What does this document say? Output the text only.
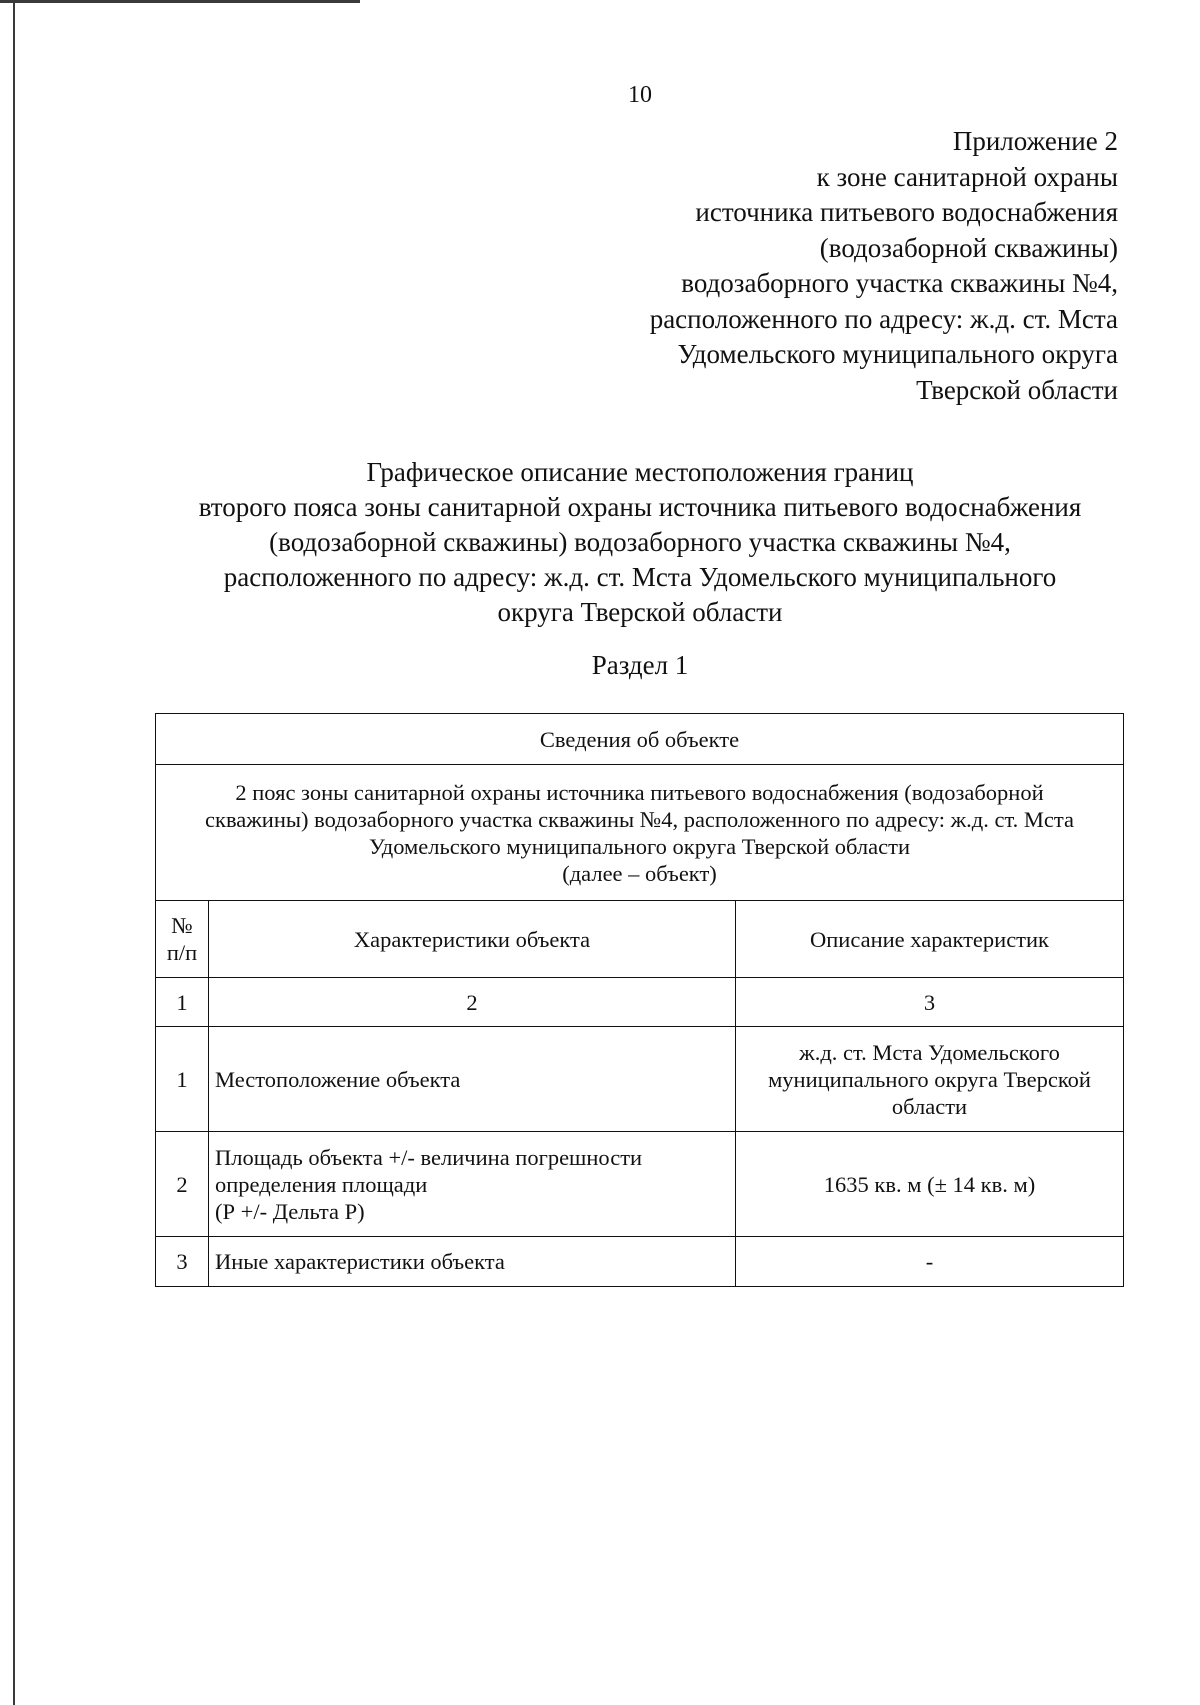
10
Приложение 2
к зоне санитарной охраны
источника питьевого водоснабжения
(водозаборной скважины)
водозаборного участка скважины №4,
расположенного по адресу: ж.д. ст. Мста
Удомельского муниципального округа
Тверской области
Графическое описание местоположения границ
второго пояса зоны санитарной охраны источника питьевого водоснабжения
(водозаборной скважины) водозаборного участка скважины №4,
расположенного по адресу: ж.д. ст. Мста Удомельского муниципального
округа Тверской области
Раздел 1
Сведения об объекте		

2 пояс зоны санитарной охраны источника питьевого водоснабжения (водозаборной
скважины) водозаборного участка скважины №4, расположенного по адресу: ж.д. ст. Мста
Удомельского муниципального округа Тверской области
(далее – объект)		

№
п/п	Характеристики объекта	Описание характеристик
1	2	3
1	Местоположение объекта	ж.д. ст. Мста Удомельского
муниципального округа Тверской
области

2	Площадь объекта +/- величина погрешности
определения площади
(Р +/- Дельта Р)	1635 кв. м (± 14 кв. м)

3	Иные характеристики объекта	-
